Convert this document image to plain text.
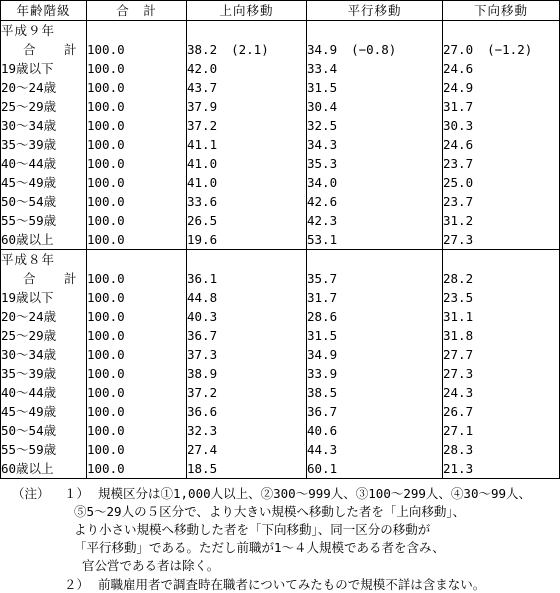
年齢階級	合　計	上向移動	平行移動	下向移動
平成９年				
合　計	100.0	38.2 (2.1)	34.9 (−0.8)	27.0 (−1.2)
19歳以下	100.0	42.0	33.4	24.6
20～24歳	100.0	43.7	31.5	24.9
25～29歳	100.0	37.9	30.4	31.7
30～34歳	100.0	37.2	32.5	30.3
35～39歳	100.0	41.1	34.3	24.6
40～44歳	100.0	41.0	35.3	23.7
45～49歳	100.0	41.0	34.0	25.0
50～54歳	100.0	33.6	42.6	23.7
55～59歳	100.0	26.5	42.3	31.2
60歳以上	100.0	19.6	53.1	27.3
平成８年				
合　計	100.0	36.1	35.7	28.2
19歳以下	100.0	44.8	31.7	23.5
20～24歳	100.0	40.3	28.6	31.1
25～29歳	100.0	36.7	31.5	31.8
30～34歳	100.0	37.3	34.9	27.7
35～39歳	100.0	38.9	33.9	27.3
40～44歳	100.0	37.2	38.5	24.3
45～49歳	100.0	36.6	36.7	26.7
50～54歳	100.0	32.3	40.6	27.1
55～59歳	100.0	27.4	44.3	28.3
60歳以上	100.0	18.5	60.1	21.3
（注） １） 規模区分は①1,000人以上、②300～999人、③100～299人、④30～99人、
⑤5～29人の５区分で、より大きい規模へ移動した者を「上向移動」、
より小さい規模へ移動した者を「下向移動」、同一区分の移動が
「平行移動」である。ただし前職が1～４人規模である者を含み、
官公営である者は除く。
２） 前職雇用者で調査時在職者についてみたもので規模不詳は含まない。
